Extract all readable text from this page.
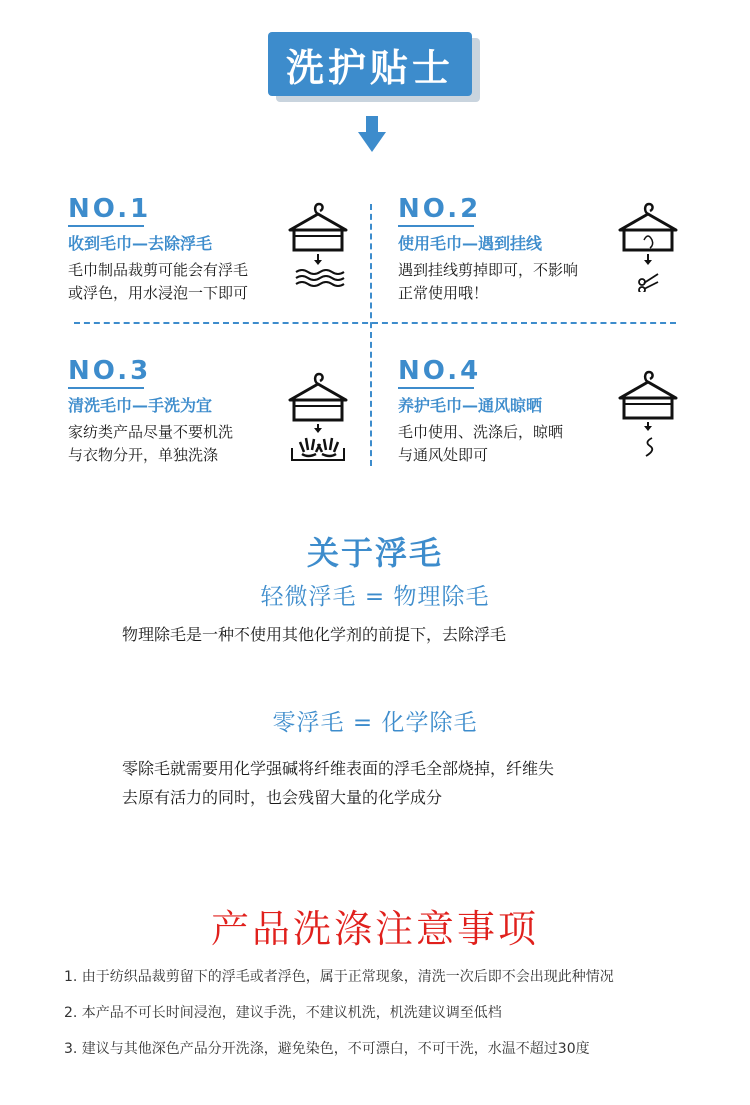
洗护贴士
NO.1
收到毛巾—去除浮毛
毛巾制品裁剪可能会有浮毛
或浮色，用水浸泡一下即可
NO.2
使用毛巾—遇到挂线
遇到挂线剪掉即可，不影响
正常使用哦！
NO.3
清洗毛巾—手洗为宜
家纺类产品尽量不要机洗
与衣物分开，单独洗涤
NO.4
养护毛巾—通风晾晒
毛巾使用、洗涤后，晾晒
与通风处即可
关于浮毛
轻微浮毛 = 物理除毛
物理除毛是一种不使用其他化学剂的前提下，去除浮毛
零浮毛 = 化学除毛
零除毛就需要用化学强碱将纤维表面的浮毛全部烧掉，纤维失
去原有活力的同时，也会残留大量的化学成分
产品洗涤注意事项
1. 由于纺织品裁剪留下的浮毛或者浮色，属于正常现象，清洗一次后即不会出现此种情况
2. 本产品不可长时间浸泡，建议手洗，不建议机洗，机洗建议调至低档
3. 建议与其他深色产品分开洗涤，避免染色，不可漂白，不可干洗，水温不超过30度
